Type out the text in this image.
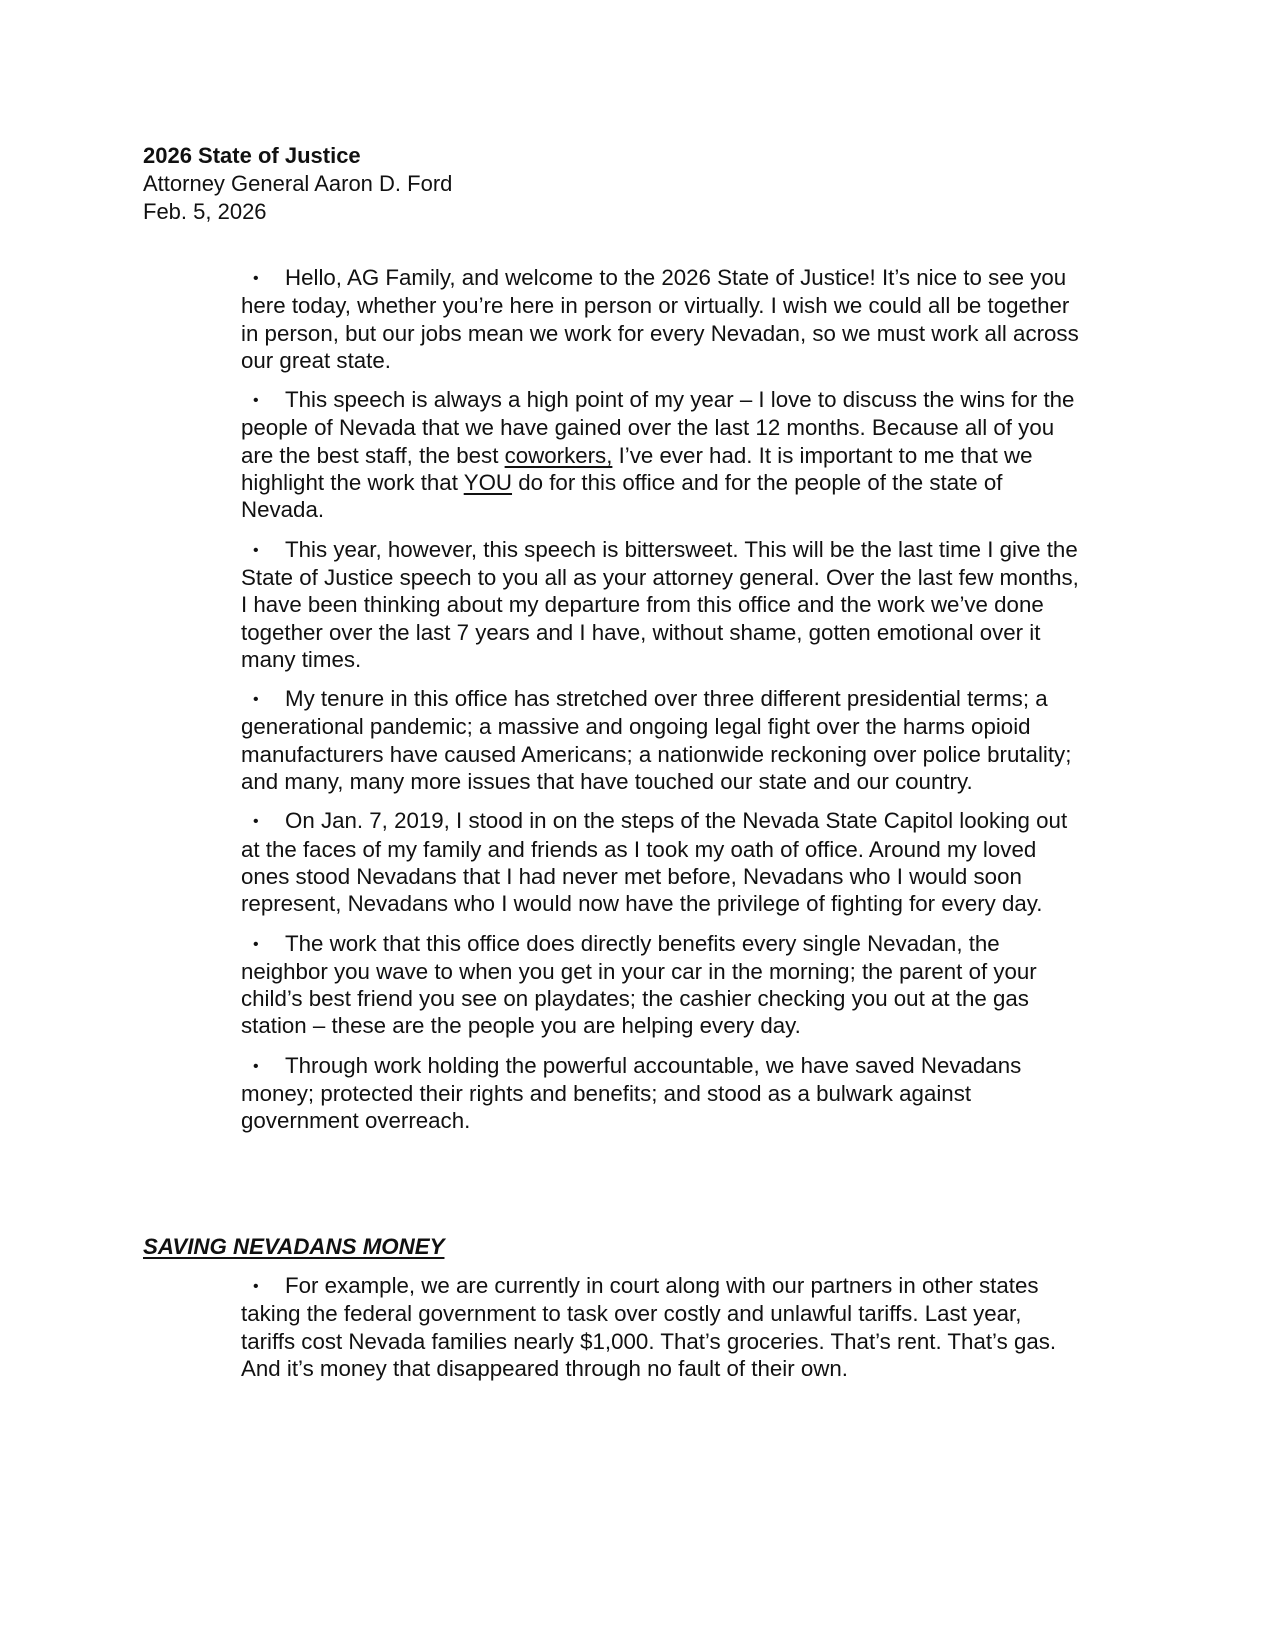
2026 State of Justice
Attorney General Aaron D. Ford
Feb. 5, 2026
• Hello, AG Family, and welcome to the 2026 State of Justice! It’s nice to see you here today, whether you’re here in person or virtually. I wish we could all be together in person, but our jobs mean we work for every Nevadan, so we must work all across our great state.
• This speech is always a high point of my year – I love to discuss the wins for the people of Nevada that we have gained over the last 12 months. Because all of you are the best staff, the best coworkers, I’ve ever had. It is important to me that we highlight the work that YOU do for this office and for the people of the state of Nevada.
• This year, however, this speech is bittersweet. This will be the last time I give the State of Justice speech to you all as your attorney general. Over the last few months, I have been thinking about my departure from this office and the work we’ve done together over the last 7 years and I have, without shame, gotten emotional over it many times.
• My tenure in this office has stretched over three different presidential terms; a generational pandemic; a massive and ongoing legal fight over the harms opioid manufacturers have caused Americans; a nationwide reckoning over police brutality; and many, many more issues that have touched our state and our country.
• On Jan. 7, 2019, I stood in on the steps of the Nevada State Capitol looking out at the faces of my family and friends as I took my oath of office. Around my loved ones stood Nevadans that I had never met before, Nevadans who I would soon represent, Nevadans who I would now have the privilege of fighting for every day.
• The work that this office does directly benefits every single Nevadan, the neighbor you wave to when you get in your car in the morning; the parent of your child’s best friend you see on playdates; the cashier checking you out at the gas station – these are the people you are helping every day.
• Through work holding the powerful accountable, we have saved Nevadans money; protected their rights and benefits; and stood as a bulwark against government overreach.
SAVING NEVADANS MONEY
• For example, we are currently in court along with our partners in other states taking the federal government to task over costly and unlawful tariffs. Last year, tariffs cost Nevada families nearly $1,000. That’s groceries. That’s rent. That’s gas. And it’s money that disappeared through no fault of their own.
